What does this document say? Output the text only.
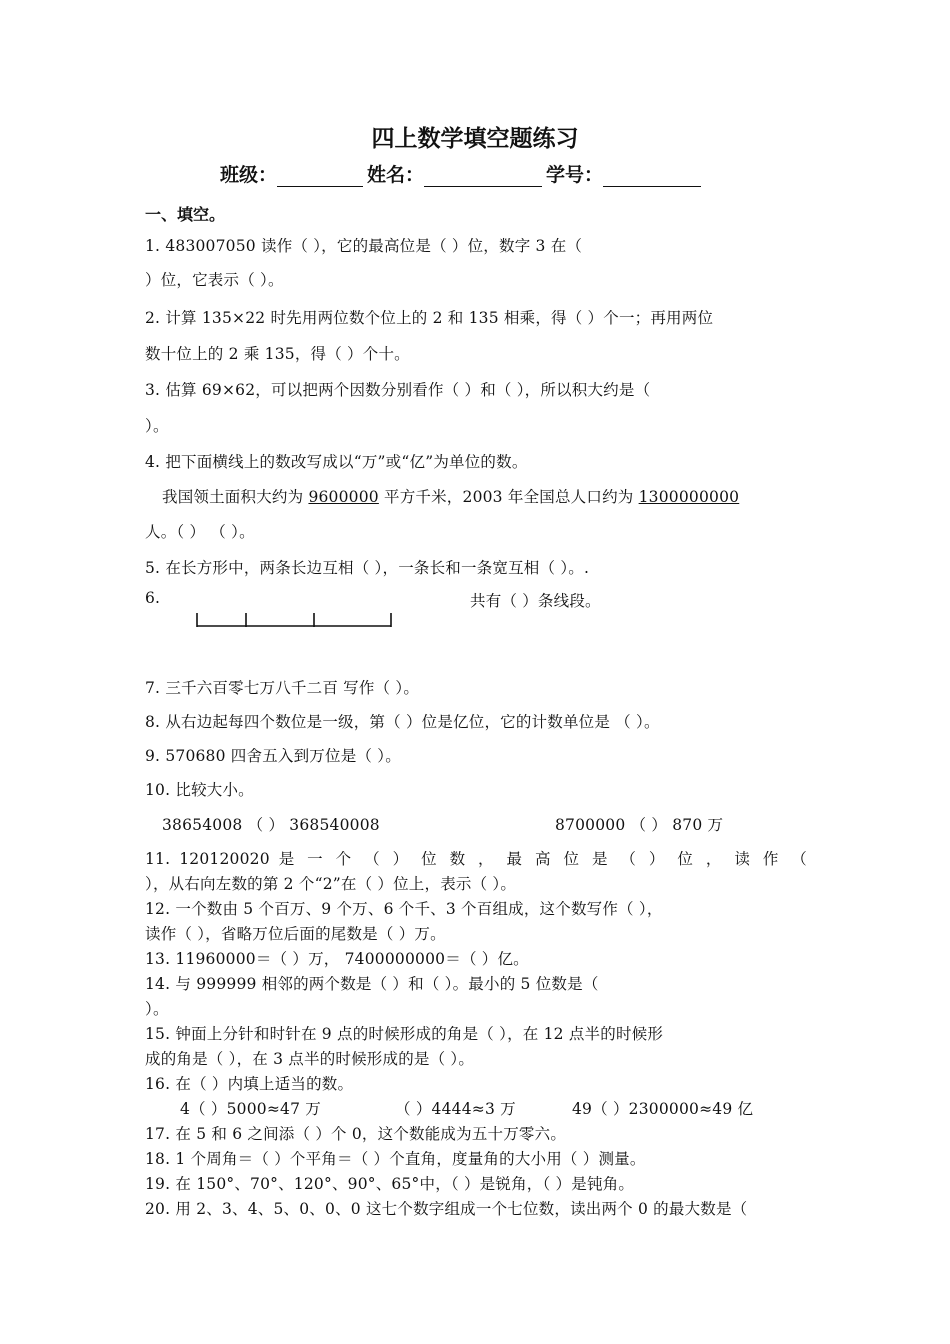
四上数学填空题练习
班级：	姓名：	学号：
一、填空。
1. 483007050 读作（ ），它的最高位是（ ）位，数字 3 在（
）位，它表示（ ）。
2. 计算 135×22 时先用两位数个位上的 2 和 135 相乘，得（ ）个一；再用两位
数十位上的 2 乘 135，得（ ）个十。
3. 估算 69×62，可以把两个因数分别看作（ ）和（ ），所以积大约是（
）。
4. 把下面横线上的数改写成以“万”或“亿”为单位的数。
我国领土面积大约为 9600000 平方千米，2003 年全国总人口约为 1300000000
人。（ ） （ ）。
5. 在长方形中，两条长边互相（ ），一条长和一条宽互相（ ）。.
6.	共有（ ）条线段。
7. 三千六百零七万八千二百 写作（ ）。
8. 从右边起每四个数位是一级，第（ ）位是亿位，它的计数单位是 （ ）。
9. 570680 四舍五入到万位是（ ）。
10. 比较大小。
38654008 （ ） 368540008	8700000 （ ） 870 万
11. 120120020 是 一 个 （ ） 位 数 ， 最 高 位 是 （ ） 位 ， 读 作 （
），从右向左数的第 2 个“2”在（ ）位上，表示（ ）。
12. 一个数由 5 个百万、9 个万、6 个千、3 个百组成，这个数写作（ ），
读作（ ），省略万位后面的尾数是（ ）万。
13. 11960000＝（ ）万， 7400000000＝（ ）亿。
14. 与 999999 相邻的两个数是（ ）和（ ）。最小的 5 位数是（
）。
15. 钟面上分针和时针在 9 点的时候形成的角是（ ），在 12 点半的时候形
成的角是（ ），在 3 点半的时候形成的是（ ）。
16. 在（ ）内填上适当的数。
4（ ）5000≈47 万	（ ）4444≈3 万	49（ ）2300000≈49 亿
17. 在 5 和 6 之间添（ ）个 0，这个数能成为五十万零六。
18. 1 个周角＝（ ）个平角＝（ ）个直角，度量角的大小用（ ）测量。
19. 在 150°、70°、120°、90°、65°中，（ ）是锐角，（ ）是钝角。
20. 用 2、3、4、5、0、0、0 这七个数字组成一个七位数，读出两个 0 的最大数是（
